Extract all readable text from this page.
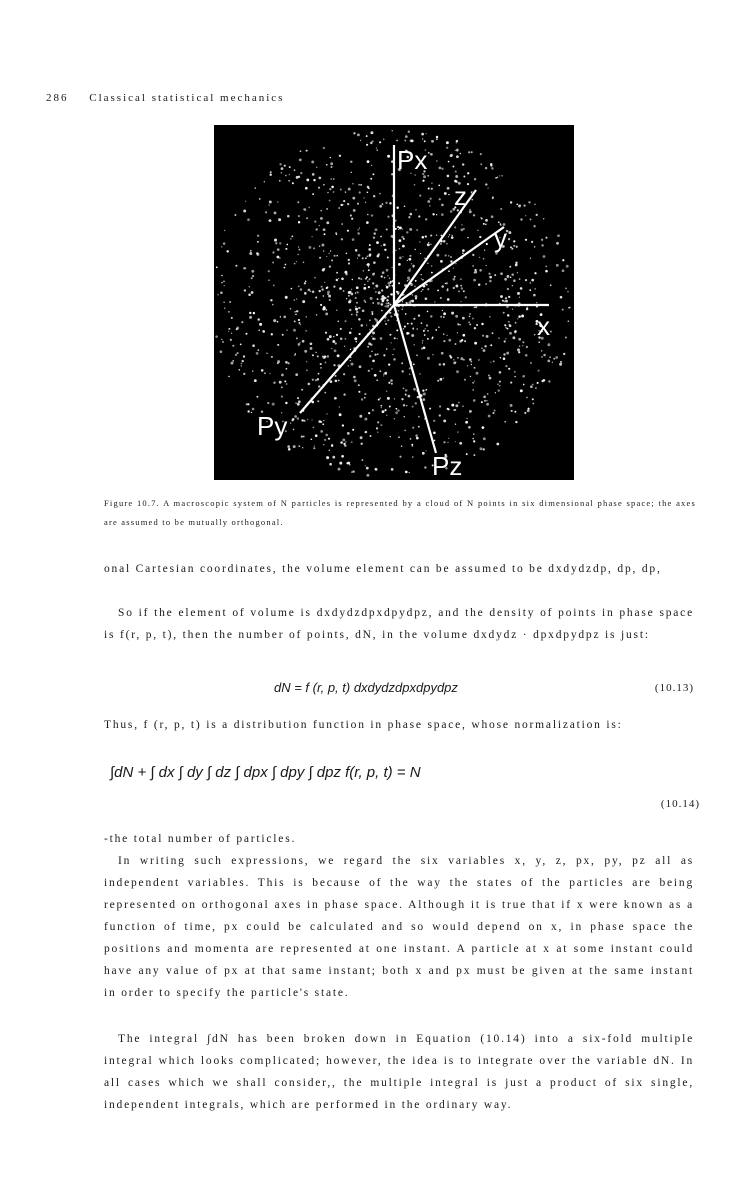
286 Classical statistical mechanics
Px
z
y
x
Py
Pz
Figure 10.7. A macroscopic system of N particles is represented by a cloud of N points in six dimensional phase space; the axes are assumed to be mutually orthogonal.
onal Cartesian coordinates, the volume element can be assumed to be dxdydzdp, dp, dp,
So if the element of volume is dxdydzdpxdpydpz, and the density of points in phase space is f(r, p, t), then the number of points, dN, in the volume dxdydz · dpxdpydpz is just:
dN = f (r, p, t) dxdydzdpxdpydpz	(10.13)
Thus, f (r, p, t) is a distribution function in phase space, whose normalization is:
∫dN + ∫ dx ∫ dy ∫ dz ∫ dpx ∫ dpy ∫ dpz f(r, p, t) = N
(10.14)
-the total number of particles.
In writing such expressions, we regard the six variables x, y, z, px, py, pz all as independent variables. This is because of the way the states of the particles are being represented on orthogonal axes in phase space. Although it is true that if x were known as a function of time, px could be calculated and so would depend on x, in phase space the positions and momenta are represented at one instant. A particle at x at some instant could have any value of px at that same instant; both x and px must be given at the same instant in order to specify the particle's state.
The integral ∫dN has been broken down in Equation (10.14) into a six-fold multiple integral which looks complicated; however, the idea is to integrate over the variable dN. In all cases which we shall consider,, the multiple integral is just a product of six single, independent integrals, which are performed in the ordinary way.
